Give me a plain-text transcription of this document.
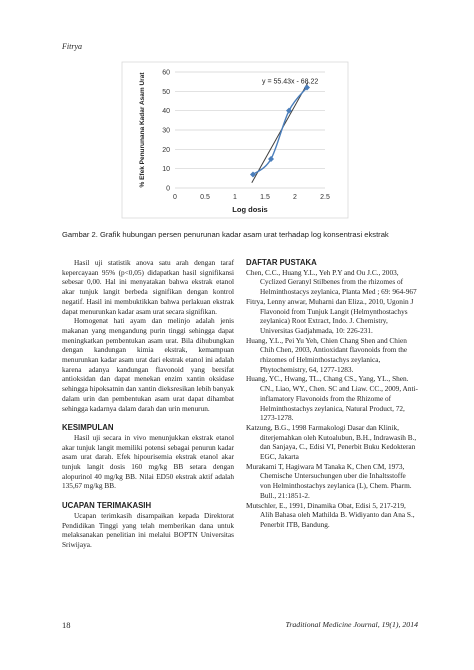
Fitrya
0
10
20
30
40
50
60
0	0.5	1	1.5	2	2.5
Log dosis
% Efek Penurunana Kadar Asam Urat	y = 55.43x - 68.22
Gambar 2. Grafik hubungan persen penurunan kadar asam urat terhadap log konsentrasi ekstrak

Hasil uji statistik anova satu arah dengan taraf kepercayaan 95% (p<0,05) didapatkan hasil signifikansi sebesar 0,00. Hal ini menyatakan bahwa ekstrak etanol akar tunjuk langit berbeda signifikan dengan kontrol negatif. Hasil ini membuktikkan bahwa perlakuan ekstrak dapat menurunkan kadar asam urat secara signifikan.

Homogenat hati ayam dan melinjo adalah jenis makanan yang mengandung purin tinggi sehingga dapat meningkatkan pembentukan asam urat. Bila dihubungkan dengan kandungan kimia ekstrak, kemampuan menurunkan kadar asam urat dari ekstrak etanol ini adalah karena adanya kandungan flavonoid yang bersifat antioksidan dan dapat menekan enzim xantin oksidase sehingga hipoksatnin dan xantin dieksresikan lebih banyak dalam urin dan pembentukan asam urat dapat dihambat sehingga kadarnya dalam darah dan urin menurun.

KESIMPULAN

Hasil uji secara in vivo menunjukkan ekstrak etanol akar tunjuk langit memiliki potensi sebagai penurun kadar asam urat darah. Efek hipourisemia ekstrak etanol akar tunjuk langit dosis 160 mg/kg BB setara dengan alopurinol 40 mg/kg BB. Nilai ED50 ekstrak aktif adalah 135,67 mg/kg BB.

UCAPAN TERIMAKASIH

Ucapan terimkasih disampaikan kepada Direktorat Pendidikan Tinggi yang telah memberikan dana untuk melaksanakan penelitian ini melalui BOPTN Universitas Sriwijaya.

DAFTAR PUSTAKA

Chen, C.C., Huang Y.L., Yeh P.Y and Ou J.C., 2003, Cyclized Geranyl Stilbenes from the rhizomes of Helminthostacys zeylanica, Planta Med ; 69: 964-967

Fitrya, Lenny anwar, Muharni dan Eliza., 2010, Ugonin J Flavonoid from Tunjuk Langit (Helmynthostachys zeylanica) Root Extract, Indo. J. Chemistry, Universitas Gadjahmada, 10: 226-231.

Huang, Y.L., Pei Yu Yeh, Chien Chang Shen and Chien Chih Chen, 2003, Antioxidant flavonoids from the rhizomes of Helminthostachys zeylanica, Phytochemistry, 64, 1277-1283.

Huang, YC., Hwang, TL., Chang CS., Yang, YL., Shen. CN., Liao, WY., Chen. SC and Liaw. CC., 2009, Anti-inflamatory Flavonoids from the Rhizome of Helminthostachys zeylanica, Natural Product, 72, 1273-1278.

Katzung, B.G., 1998 Farmakologi Dasar dan Klinik, diterjemahkan oleh Kutoalubun, B.H., Indrawasih B., dan Sanjaya, C., Edisi VI, Penerbit Buku Kedokteran EGC, Jakarta

Murakami T, Hagiwara M Tanaka K, Chen CM, 1973, Chemische Untersuchungen uber die Inhaltsstoffe von Helminthostachys zeylanica (L), Chem. Pharm. Bull., 21:1851-2.

Mutschler, E., 1991, Dinamika Obat, Edisi 5, 217-219, Alih Bahasa oleh Mathilda B. Widiyanto dan Ana S., Penerbit ITB, Bandung.

18	Traditional Medicine Journal, 19(1), 2014
